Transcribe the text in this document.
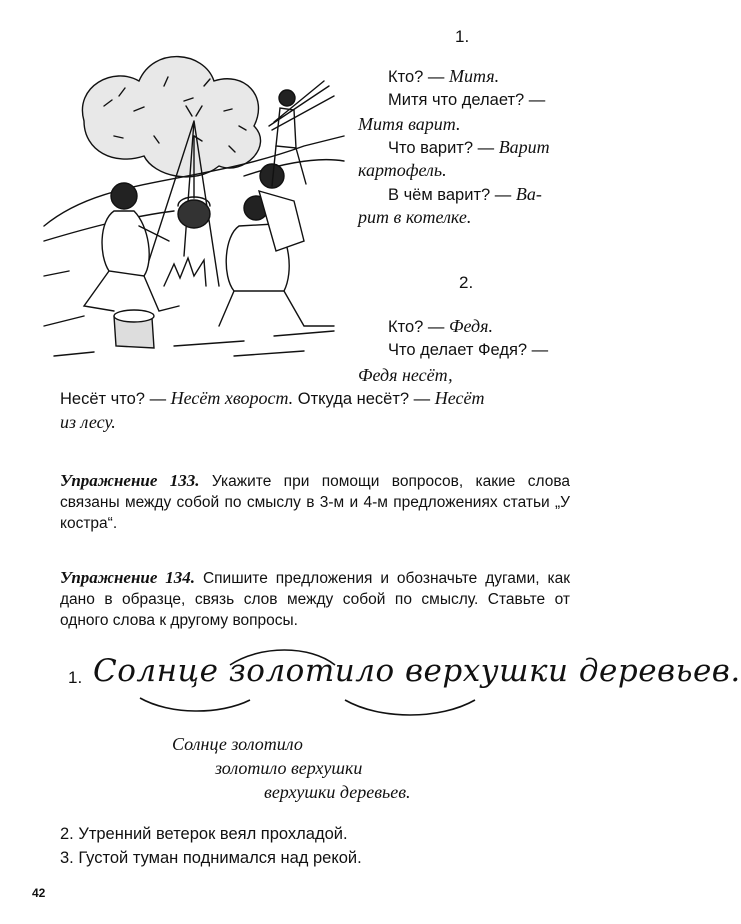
1.
Кто? — Митя.
Митя что делает? —
Митя варит.
Что варит? — Варит
картофель.
В чём варит? — Ва-
рит в котелке.
2.
Кто? — Федя.
Что делает Федя? —
Федя несёт,
Несёт что? — Несёт хворост. Откуда несёт? — Несёт
из лесу.
Упражнение 133. Укажите при помощи вопросов, какие слова связаны между собой по смыслу в 3-м и 4-м предложениях статьи „У костра“.
Упражнение 134. Спишите предложения и обозначьте дугами, как дано в образце, связь слов между собой по смыслу. Ставьте от одного слова к другому вопросы.
1. Солнце золотило верхушки деревьев.
Солнце золотило
золотило верхушки
верхушки деревьев.
2. Утренний ветерок веял прохладой.
3. Густой туман поднимался над рекой.
42
